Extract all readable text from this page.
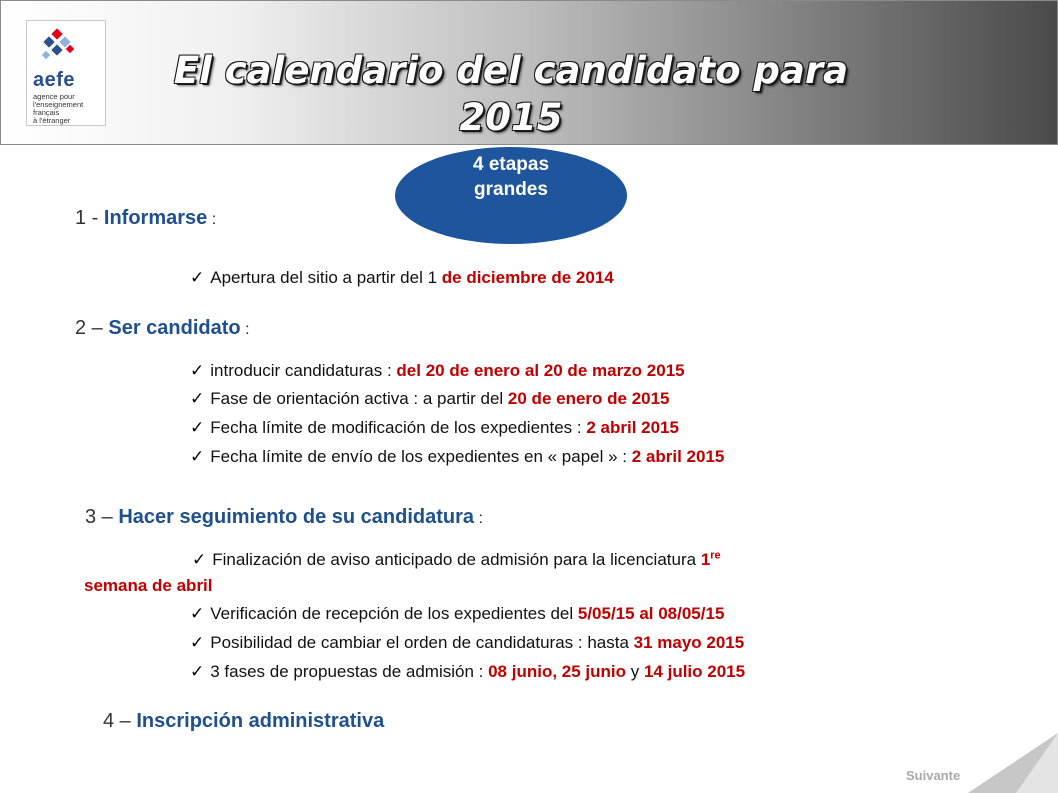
aefe
agence pour
l'enseignement
français
à l'étranger
El calendario del candidato para
2015
4 etapas
grandes
1 - Informarse :
✓ Apertura del sitio a partir del 1 de diciembre de 2014
2 – Ser candidato :
✓ introducir candidaturas : del 20 de enero al 20 de marzo 2015
✓ Fase de orientación activa : a partir del 20 de enero de 2015
✓ Fecha límite de modificación de los expedientes : 2 abril 2015
✓ Fecha límite de envío de los expedientes en « papel » : 2 abril 2015
3 – Hacer seguimiento de su candidatura :
✓ Finalización de aviso anticipado de admisión para la licenciatura 1re
semana de abril
✓ Verificación de recepción de los expedientes del 5/05/15 al 08/05/15
✓ Posibilidad de cambiar el orden de candidaturas : hasta 31 mayo 2015
✓ 3 fases de propuestas de admisión : 08 junio, 25 junio y 14 julio 2015
4 – Inscripción administrativa
Suivante
